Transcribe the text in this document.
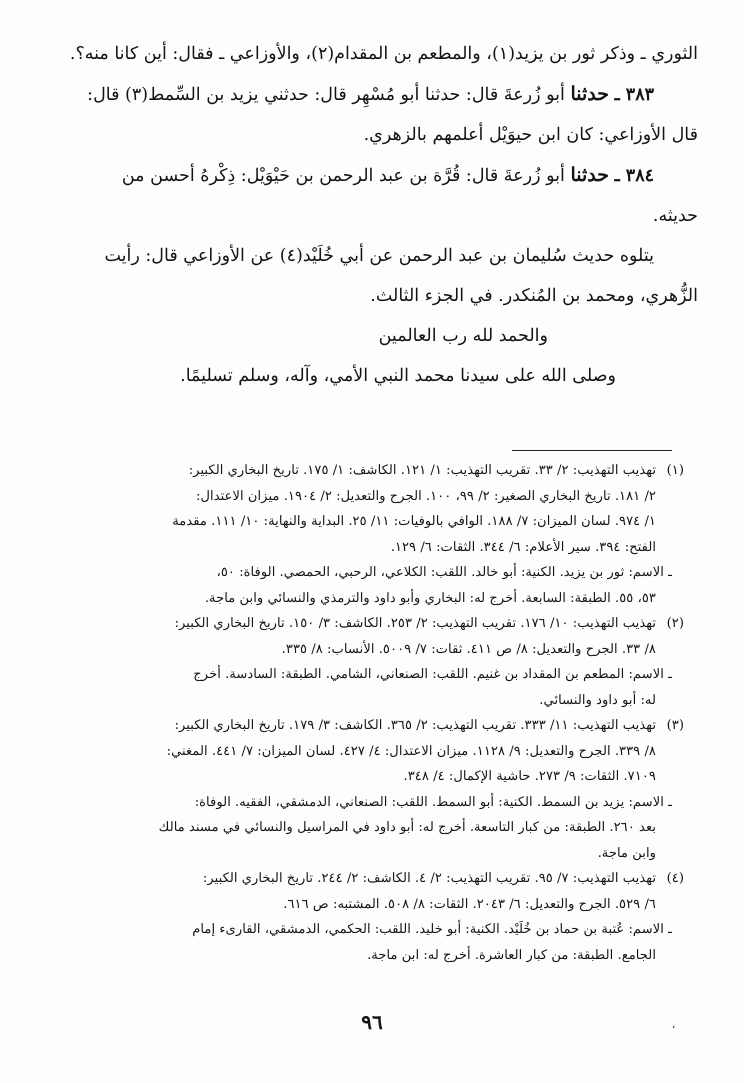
الثوري ـ وذكر ثور بن يزيد(١)، والمطعم بن المقدام(٢)، والأوزاعي ـ فقال: أين كانا منه؟.
٣٨٣ ـ حدثنا أبو زُرعةَ قال: حدثنا أبو مُسْهِر قال: حدثني يزيد بن السِّمط(٣) قال:
قال الأوزاعي: كان ابن حيوَيْل أعلمهم بالزهري.
٣٨٤ ـ حدثنا أبو زُرعةَ قال: قُرَّة بن عبد الرحمن بن حَيْوَيْل: ذِكْرهُ أحسن من
حديثه.
يتلوه حديث سُليمان بن عبد الرحمن عن أبي خُلَيْد(٤) عن الأوزاعي قال: رأيت
الزُّهري، ومحمد بن المُنكدر. في الجزء الثالث.
والحمد لله رب العالمين
وصلى الله على سيدنا محمد النبي الأمي، وآله، وسلم تسليمًا.
(١)
تهذيب التهذيب: ٢/ ٣٣. تقريب التهذيب: ١/ ١٢١. الكاشف: ١/ ١٧٥. تاريخ البخاري الكبير:
٢/ ١٨١. تاريخ البخاري الصغير: ٢/ ٩٩، ١٠٠. الجرح والتعديل: ٢/ ١٩٠٤. ميزان الاعتدال:
١/ ٩٧٤. لسان الميزان: ٧/ ١٨٨. الوافي بالوفيات: ١١/ ٢٥. البداية والنهاية: ١٠/ ١١١. مقدمة
الفتح: ٣٩٤. سير الأعلام: ٦/ ٣٤٤. الثقات: ٦/ ١٢٩.
ـ الاسم: ثور بن يزيد. الكنية: أبو خالد. اللقب: الكلاعي، الرحبي، الحمصي. الوفاة: ٥٠،
٥٣، ٥٥. الطبقة: السابعة. أخرج له: البخاري وأبو داود والترمذي والنسائي وابن ماجة.
(٢)
تهذيب التهذيب: ١٠/ ١٧٦. تقريب التهذيب: ٢/ ٢٥٣. الكاشف: ٣/ ١٥٠. تاريخ البخاري الكبير:
٨/ ٣٣. الجرح والتعديل: ٨/ ص ٤١١. ثقات: ٧/ ٥٠٠٩. الأنساب: ٨/ ٣٣٥.
ـ الاسم: المطعم بن المقداد بن غنيم. اللقب: الصنعاني، الشامي. الطبقة: السادسة. أخرج
له: أبو داود والنسائي.
(٣)
تهذيب التهذيب: ١١/ ٣٣٣. تقريب التهذيب: ٢/ ٣٦٥. الكاشف: ٣/ ١٧٩. تاريخ البخاري الكبير:
٨/ ٣٣٩. الجرح والتعديل: ٩/ ١١٢٨. ميزان الاعتدال: ٤/ ٤٢٧. لسان الميزان: ٧/ ٤٤١. المغني:
٧١٠٩. الثقات: ٩/ ٢٧٣. حاشية الإكمال: ٤/ ٣٤٨.
ـ الاسم: يزيد بن السمط. الكنية: أبو السمط. اللقب: الصنعاني، الدمشقي، الفقيه. الوفاة:
بعد ٢٦٠. الطبقة: من كبار التاسعة. أخرج له: أبو داود في المراسيل والنسائي في مسند مالك
وابن ماجة.
(٤)
تهذيب التهذيب: ٧/ ٩٥. تقريب التهذيب: ٢/ ٤. الكاشف: ٢/ ٢٤٤. تاريخ البخاري الكبير:
٦/ ٥٢٩. الجرح والتعديل: ٦/ ٢٠٤٣. الثقات: ٨/ ٥٠٨. المشتبه: ص ٦١٦.
ـ الاسم: عُتبة بن حماد بن خُلَيْد. الكنية: أبو خليد. اللقب: الحكمي، الدمشقي، القارىء إمام
الجامع. الطبقة: من كبار العاشرة. أخرج له: ابن ماجة.
٩٦	،
